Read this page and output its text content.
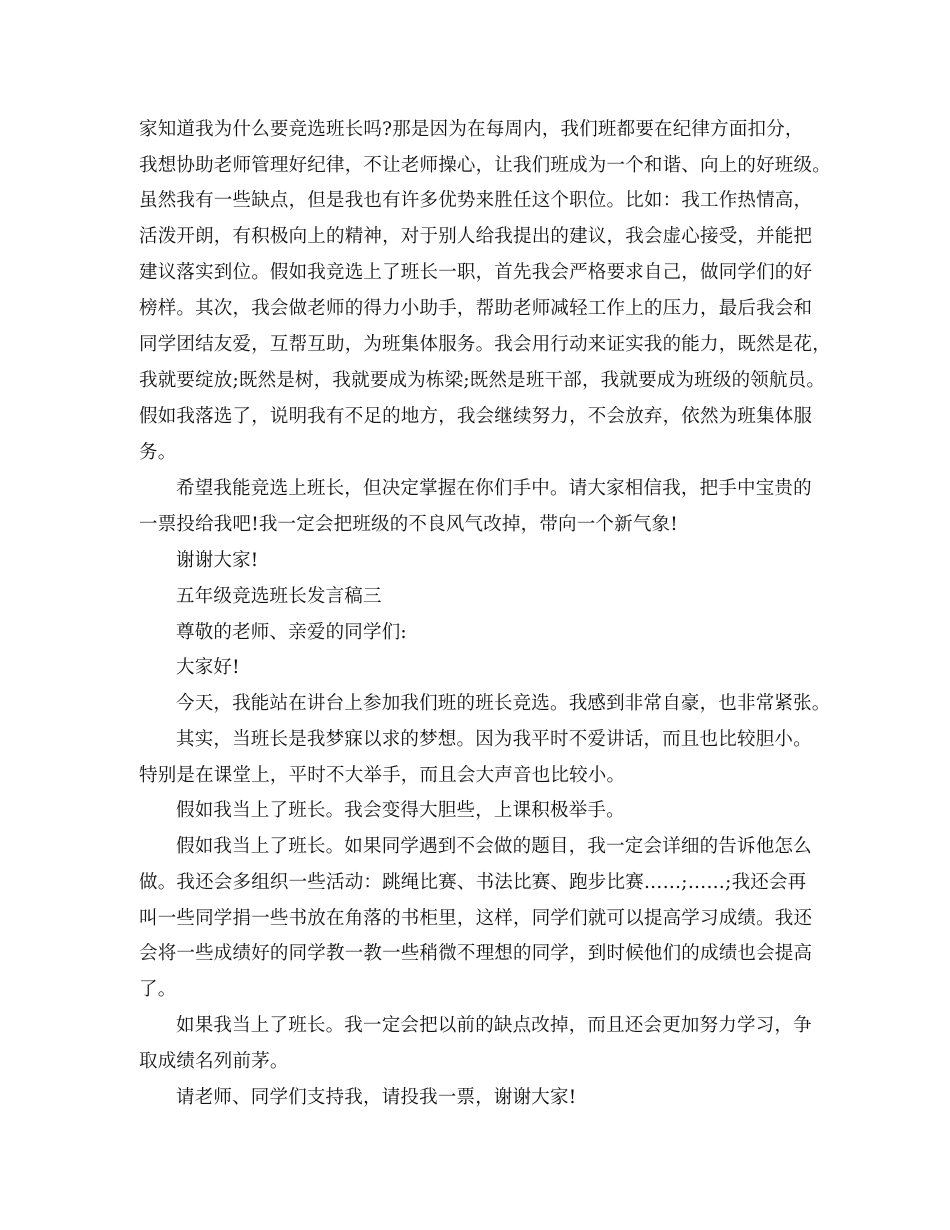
家知道我为什么要竞选班长吗?那是因为在每周内，我们班都要在纪律方面扣分，
我想协助老师管理好纪律，不让老师操心，让我们班成为一个和谐、向上的好班级。
虽然我有一些缺点，但是我也有许多优势来胜任这个职位。比如：我工作热情高，
活泼开朗，有积极向上的精神，对于别人给我提出的建议，我会虚心接受，并能把
建议落实到位。假如我竞选上了班长一职，首先我会严格要求自己，做同学们的好
榜样。其次，我会做老师的得力小助手，帮助老师减轻工作上的压力，最后我会和
同学团结友爱，互帮互助，为班集体服务。我会用行动来证实我的能力，既然是花，
我就要绽放;既然是树，我就要成为栋梁;既然是班干部，我就要成为班级的领航员。
假如我落选了，说明我有不足的地方，我会继续努力，不会放弃，依然为班集体服
务。
希望我能竞选上班长，但决定掌握在你们手中。请大家相信我，把手中宝贵的
一票投给我吧!我一定会把班级的不良风气改掉，带向一个新气象!
谢谢大家!
五年级竞选班长发言稿三
尊敬的老师、亲爱的同学们:
大家好!
今天，我能站在讲台上参加我们班的班长竞选。我感到非常自豪，也非常紧张。
其实，当班长是我梦寐以求的梦想。因为我平时不爱讲话，而且也比较胆小。
特别是在课堂上，平时不大举手，而且会大声音也比较小。
假如我当上了班长。我会变得大胆些，上课积极举手。
假如我当上了班长。如果同学遇到不会做的题目，我一定会详细的告诉他怎么
做。我还会多组织一些活动：跳绳比赛、书法比赛、跑步比赛……;……;我还会再
叫一些同学捐一些书放在角落的书柜里，这样，同学们就可以提高学习成绩。我还
会将一些成绩好的同学教一教一些稍微不理想的同学，到时候他们的成绩也会提高
了。
如果我当上了班长。我一定会把以前的缺点改掉，而且还会更加努力学习，争
取成绩名列前茅。
请老师、同学们支持我，请投我一票，谢谢大家!
